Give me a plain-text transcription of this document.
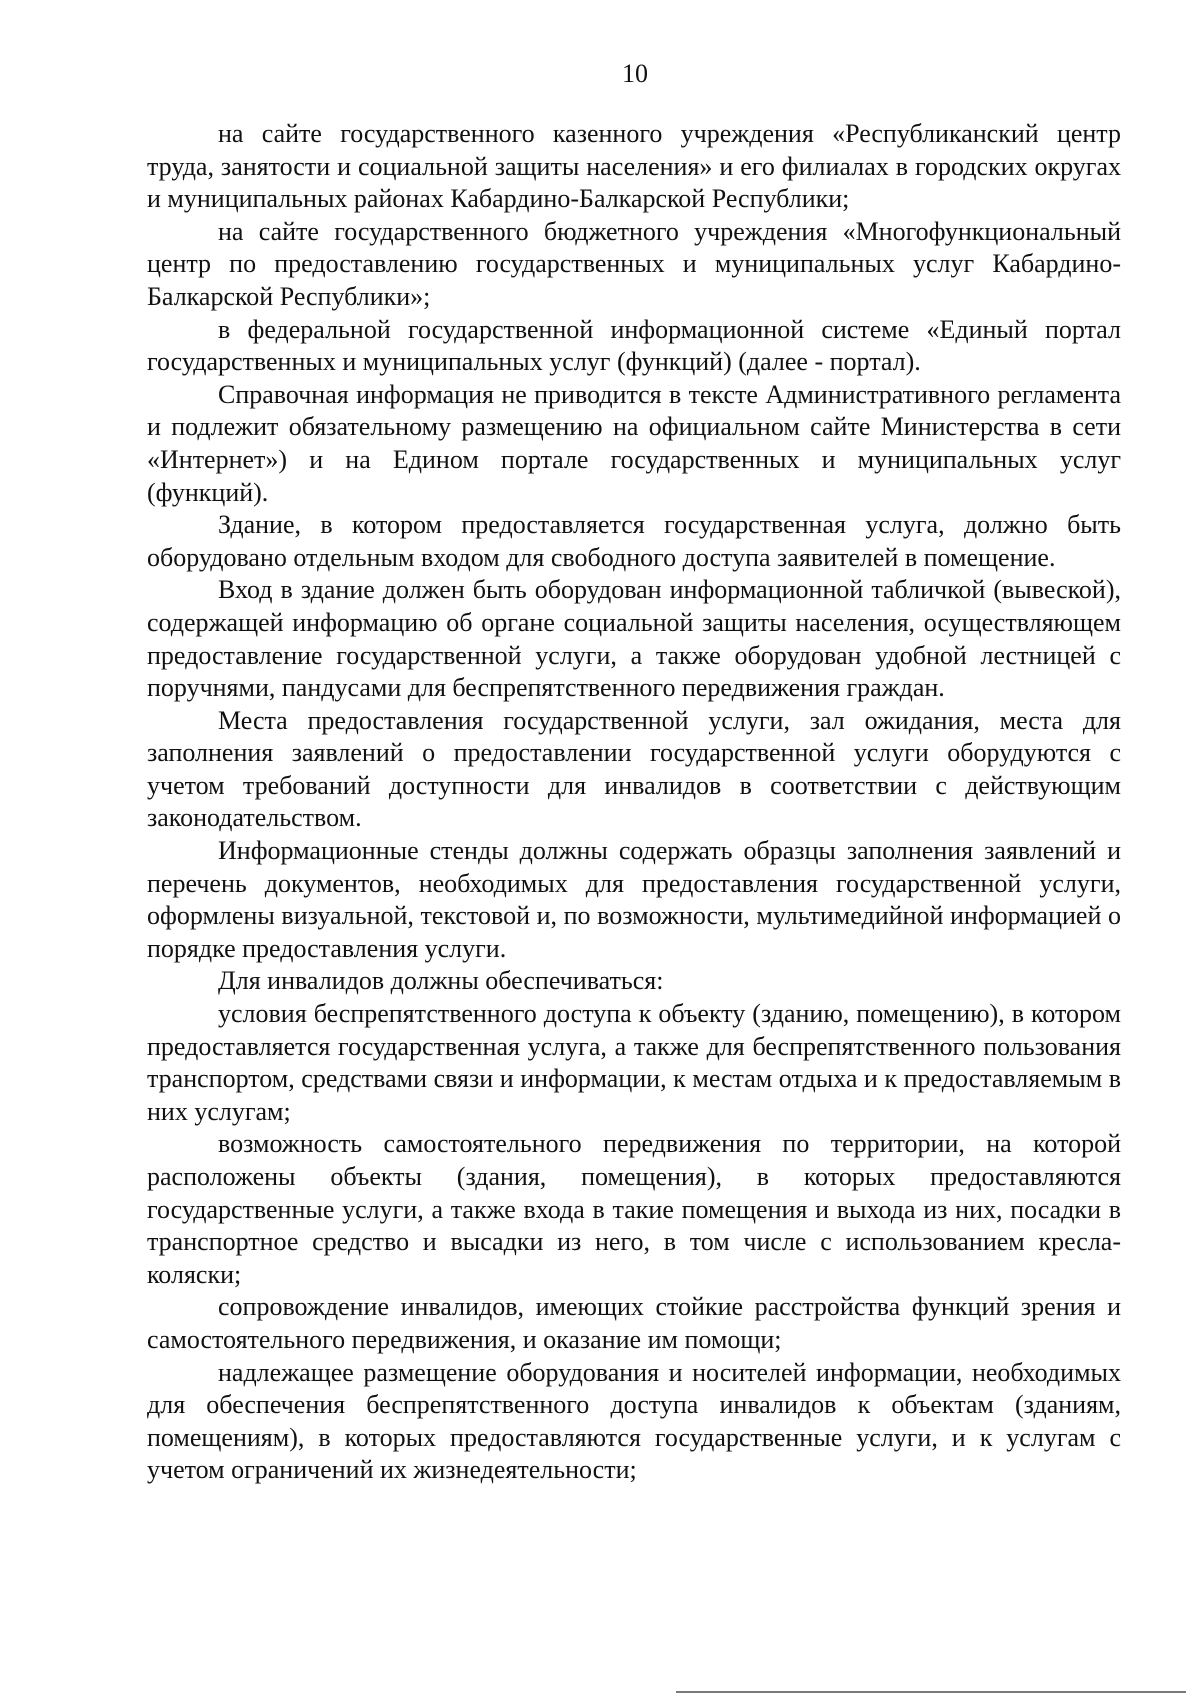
10

на сайте государственного казенного учреждения «Республиканский центр труда, занятости и социальной защиты населения» и его филиалах в городских округах и муниципальных районах Кабардино-Балкарской Республики;

на сайте государственного бюджетного учреждения «Многофункциональный центр по предоставлению государственных и муниципальных услуг Кабардино-Балкарской Республики»;

в федеральной государственной информационной системе «Единый портал государственных и муниципальных услуг (функций) (далее - портал).

Справочная информация не приводится в тексте Административного регламента и подлежит обязательному размещению на официальном сайте Министерства в сети «Интернет») и на Едином портале государственных и муниципальных услуг (функций).

Здание, в котором предоставляется государственная услуга, должно быть оборудовано отдельным входом для свободного доступа заявителей в помещение.

Вход в здание должен быть оборудован информационной табличкой (вывеской), содержащей информацию об органе социальной защиты населения, осуществляющем предоставление государственной услуги, а также оборудован удобной лестницей с поручнями, пандусами для беспрепятственного передвижения граждан.

Места предоставления государственной услуги, зал ожидания, места для заполнения заявлений о предоставлении государственной услуги оборудуются с учетом требований доступности для инвалидов в соответствии с действующим законодательством.

Информационные стенды должны содержать образцы заполнения заявлений и перечень документов, необходимых для предоставления государственной услуги, оформлены визуальной, текстовой и, по возможности, мультимедийной информацией о порядке предоставления услуги.

Для инвалидов должны обеспечиваться:

условия беспрепятственного доступа к объекту (зданию, помещению), в котором предоставляется государственная услуга, а также для беспрепятственного пользования транспортом, средствами связи и информации, к местам отдыха и к предоставляемым в них услугам;

возможность самостоятельного передвижения по территории, на которой расположены объекты (здания, помещения), в которых предоставляются государственные услуги, а также входа в такие помещения и выхода из них, посадки в транспортное средство и высадки из него, в том числе с использованием кресла-коляски;

сопровождение инвалидов, имеющих стойкие расстройства функций зрения и самостоятельного передвижения, и оказание им помощи;

надлежащее размещение оборудования и носителей информации, необходимых для обеспечения беспрепятственного доступа инвалидов к объектам (зданиям, помещениям), в которых предоставляются государственные услуги, и к услугам с учетом ограничений их жизнедеятельности;
